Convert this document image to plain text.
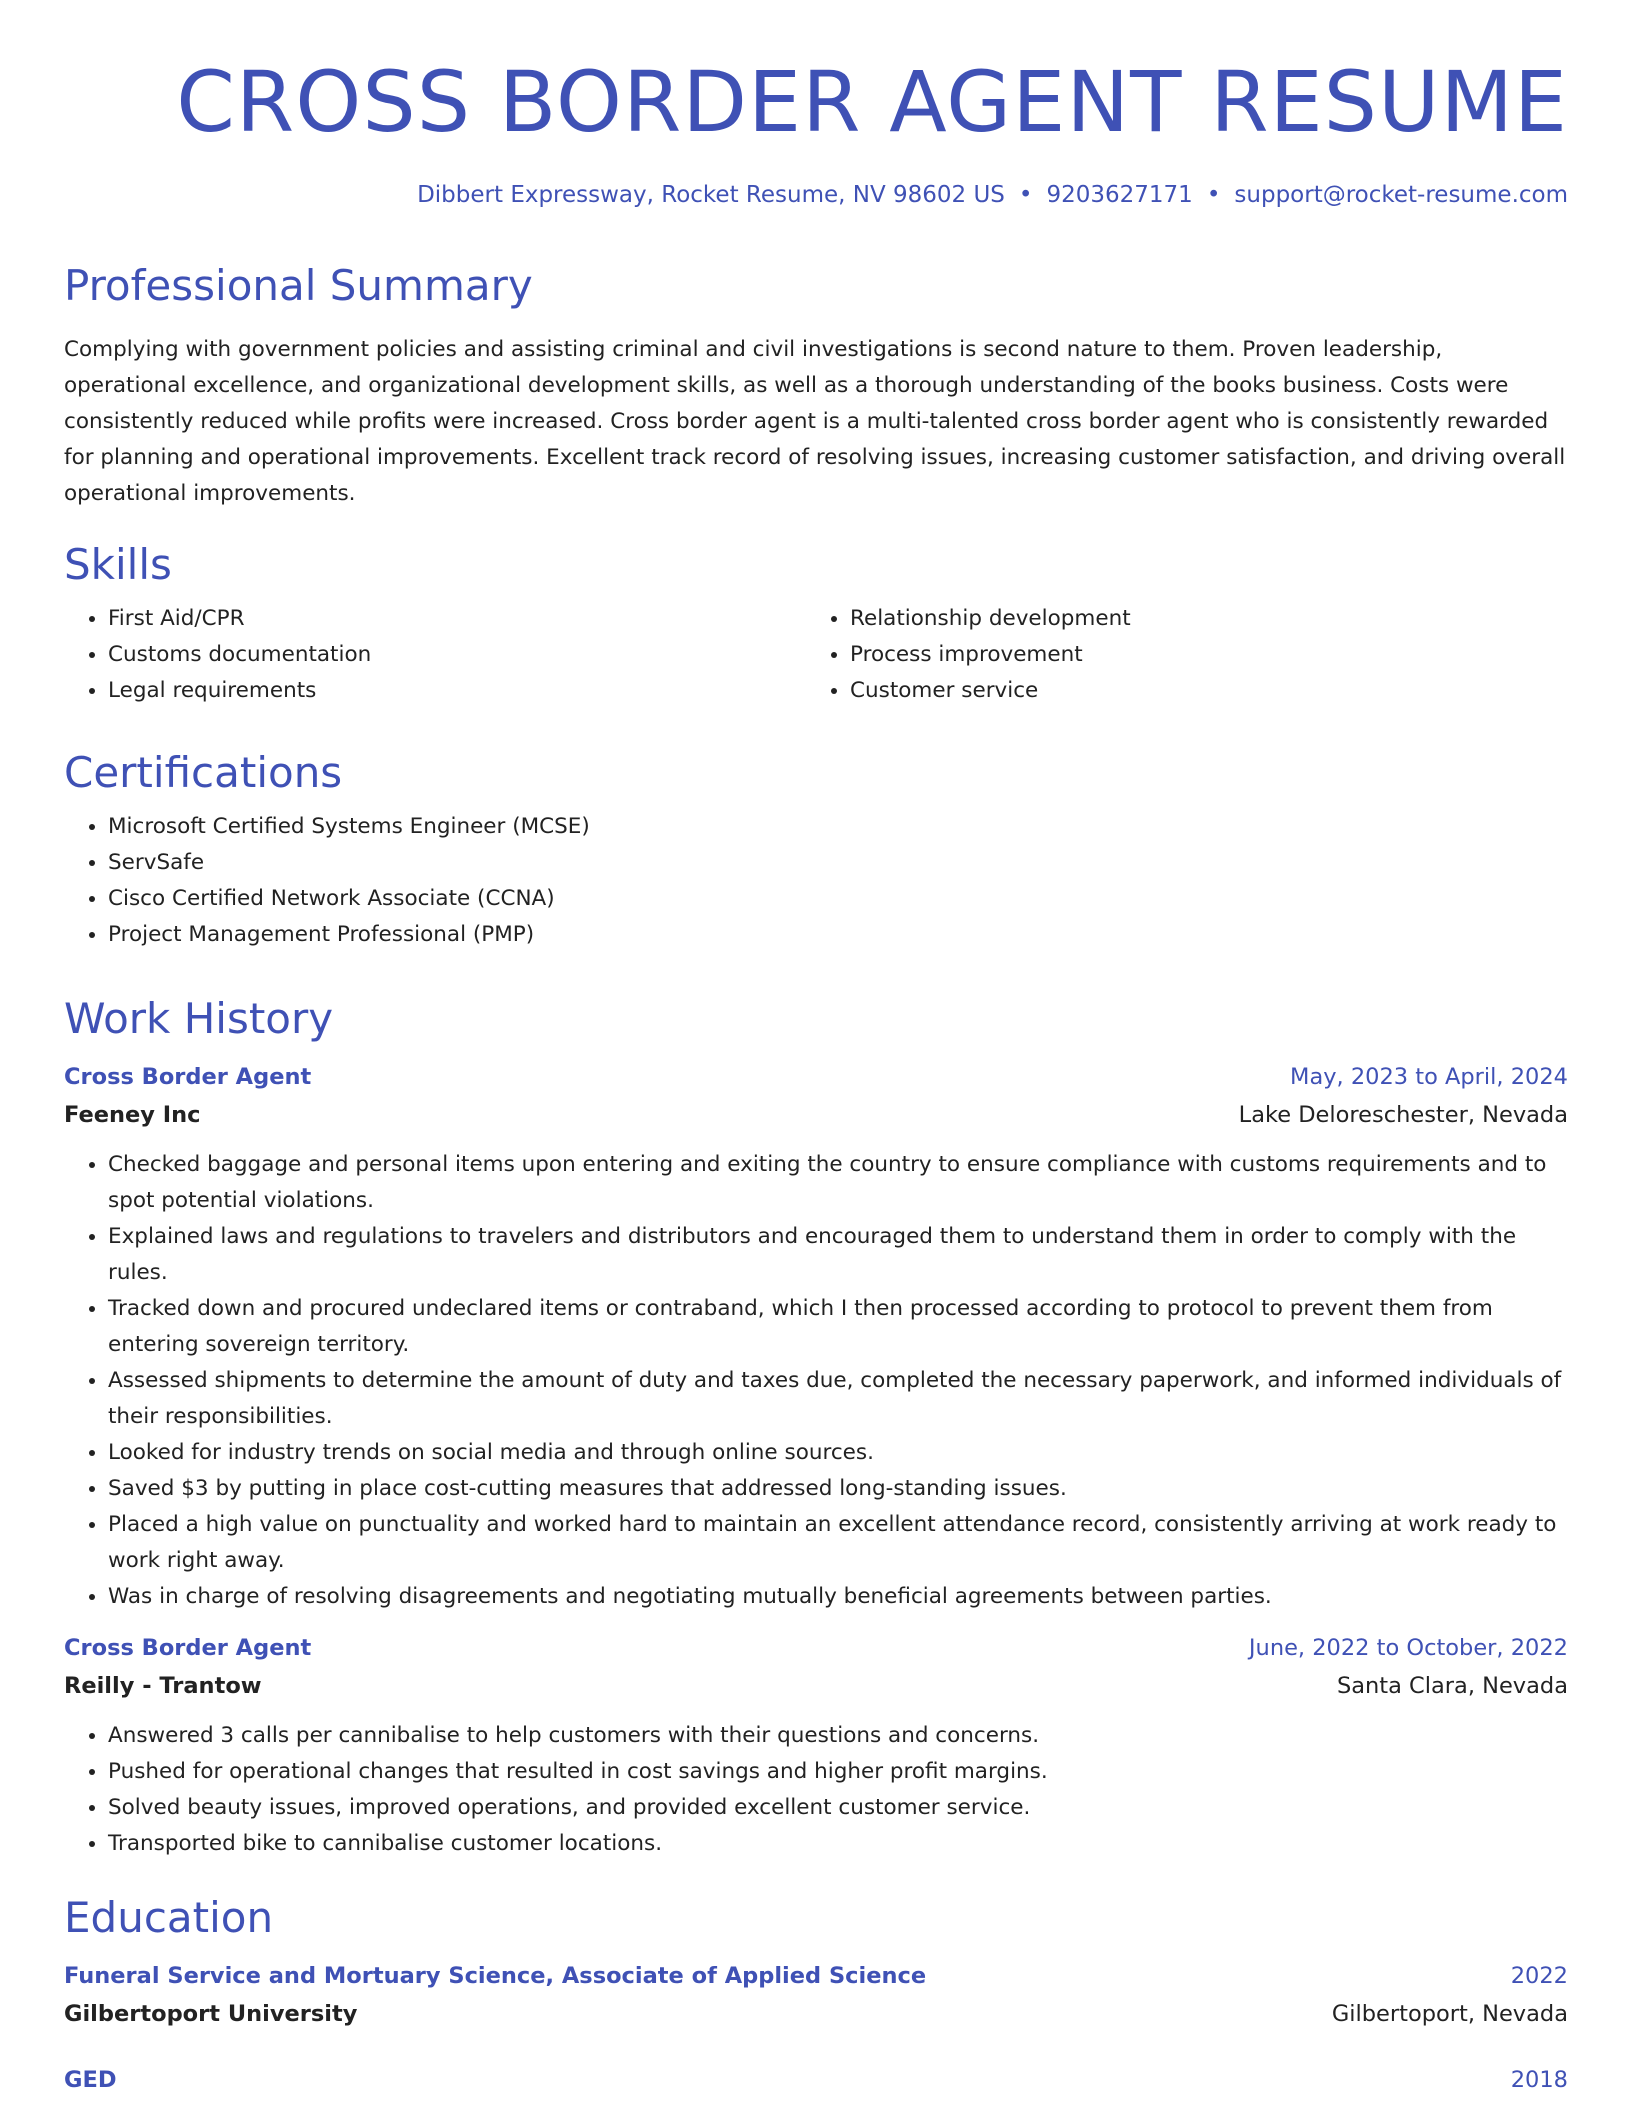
CROSS BORDER AGENT RESUME
Dibbert Expressway, Rocket Resume, NV 98602 US • 9203627171 • support@rocket-resume.com
Professional Summary

Complying with government policies and assisting criminal and civil investigations is second nature to them. Proven leadership, operational excellence, and organizational development skills, as well as a thorough understanding of the books business. Costs were consistently reduced while profits were increased. Cross border agent is a multi-talented cross border agent who is consistently rewarded for planning and operational improvements. Excellent track record of resolving issues, increasing customer satisfaction, and driving overall operational improvements.

Skills
• First Aid/CPR
• Customs documentation
• Legal requirements
• Relationship development
• Process improvement
• Customer service
Certifications
• Microsoft Certified Systems Engineer (MCSE)
• ServSafe
• Cisco Certified Network Associate (CCNA)
• Project Management Professional (PMP)
Work History
Cross Border Agent	May, 2023 to April, 2024
Feeney Inc	Lake Deloreschester, Nevada
• Checked baggage and personal items upon entering and exiting the country to ensure compliance with customs requirements and to spot potential violations.
• Explained laws and regulations to travelers and distributors and encouraged them to understand them in order to comply with the rules.
• Tracked down and procured undeclared items or contraband, which I then processed according to protocol to prevent them from entering sovereign territory.
• Assessed shipments to determine the amount of duty and taxes due, completed the necessary paperwork, and informed individuals of their responsibilities.
• Looked for industry trends on social media and through online sources.
• Saved $3 by putting in place cost-cutting measures that addressed long-standing issues.
• Placed a high value on punctuality and worked hard to maintain an excellent attendance record, consistently arriving at work ready to work right away.
• Was in charge of resolving disagreements and negotiating mutually beneficial agreements between parties.
Cross Border Agent	June, 2022 to October, 2022
Reilly - Trantow	Santa Clara, Nevada
• Answered 3 calls per cannibalise to help customers with their questions and concerns.
• Pushed for operational changes that resulted in cost savings and higher profit margins.
• Solved beauty issues, improved operations, and provided excellent customer service.
• Transported bike to cannibalise customer locations.
Education
Funeral Service and Mortuary Science, Associate of Applied Science	2022
Gilbertoport University	Gilbertoport, Nevada
GED	2018
